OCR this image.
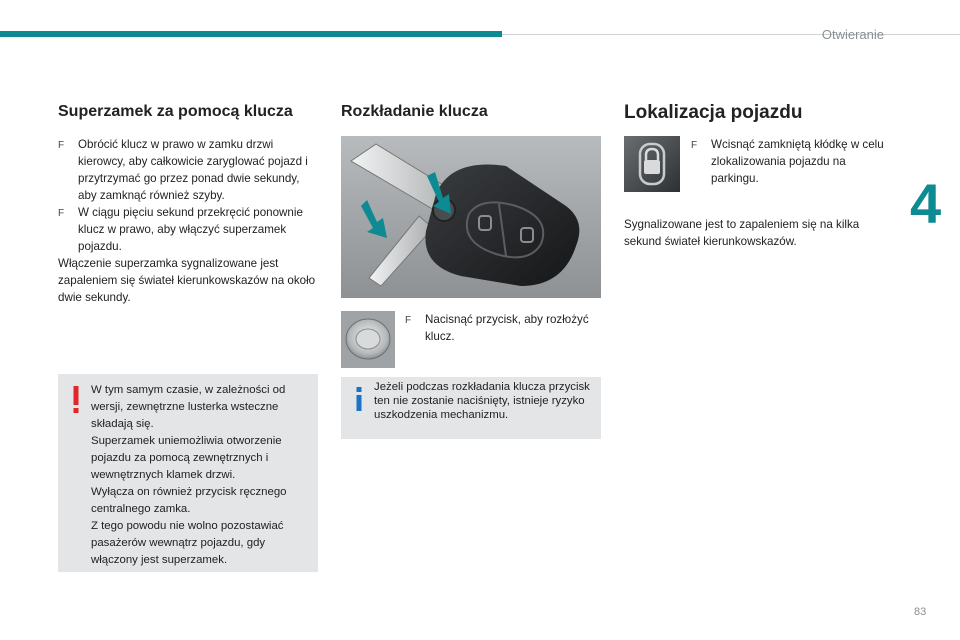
Otwieranie
4
83
Superzamek za pomocą klucza
F	Obrócić klucz w prawo w zamku drzwi kierowcy, aby całkowicie zaryglować pojazd i przytrzymać go przez ponad dwie sekundy, aby zamknąć również szyby.
F	W ciągu pięciu sekund przekręcić ponownie klucz w prawo, aby włączyć superzamek pojazdu.
Włączenie superzamka sygnalizowane jest zapaleniem się świateł kierunkowskazów na około dwie sekundy.
W tym samym czasie, w zależności od wersji, zewnętrzne lusterka wsteczne składają się.
Superzamek uniemożliwia otworzenie pojazdu za pomocą zewnętrznych i wewnętrznych klamek drzwi.
Wyłącza on również przycisk ręcznego centralnego zamka.
Z tego powodu nie wolno pozostawiać pasażerów wewnątrz pojazdu, gdy włączony jest superzamek.
Rozkładanie klucza
F	Nacisnąć przycisk, aby rozłożyć klucz.
Jeżeli podczas rozkładania klucza przycisk ten nie zostanie naciśnięty, istnieje ryzyko uszkodzenia mechanizmu.
Lokalizacja pojazdu
F	Wcisnąć zamkniętą kłódkę w celu zlokalizowania pojazdu na parkingu.
Sygnalizowane jest to zapaleniem się na kilka sekund świateł kierunkowskazów.
